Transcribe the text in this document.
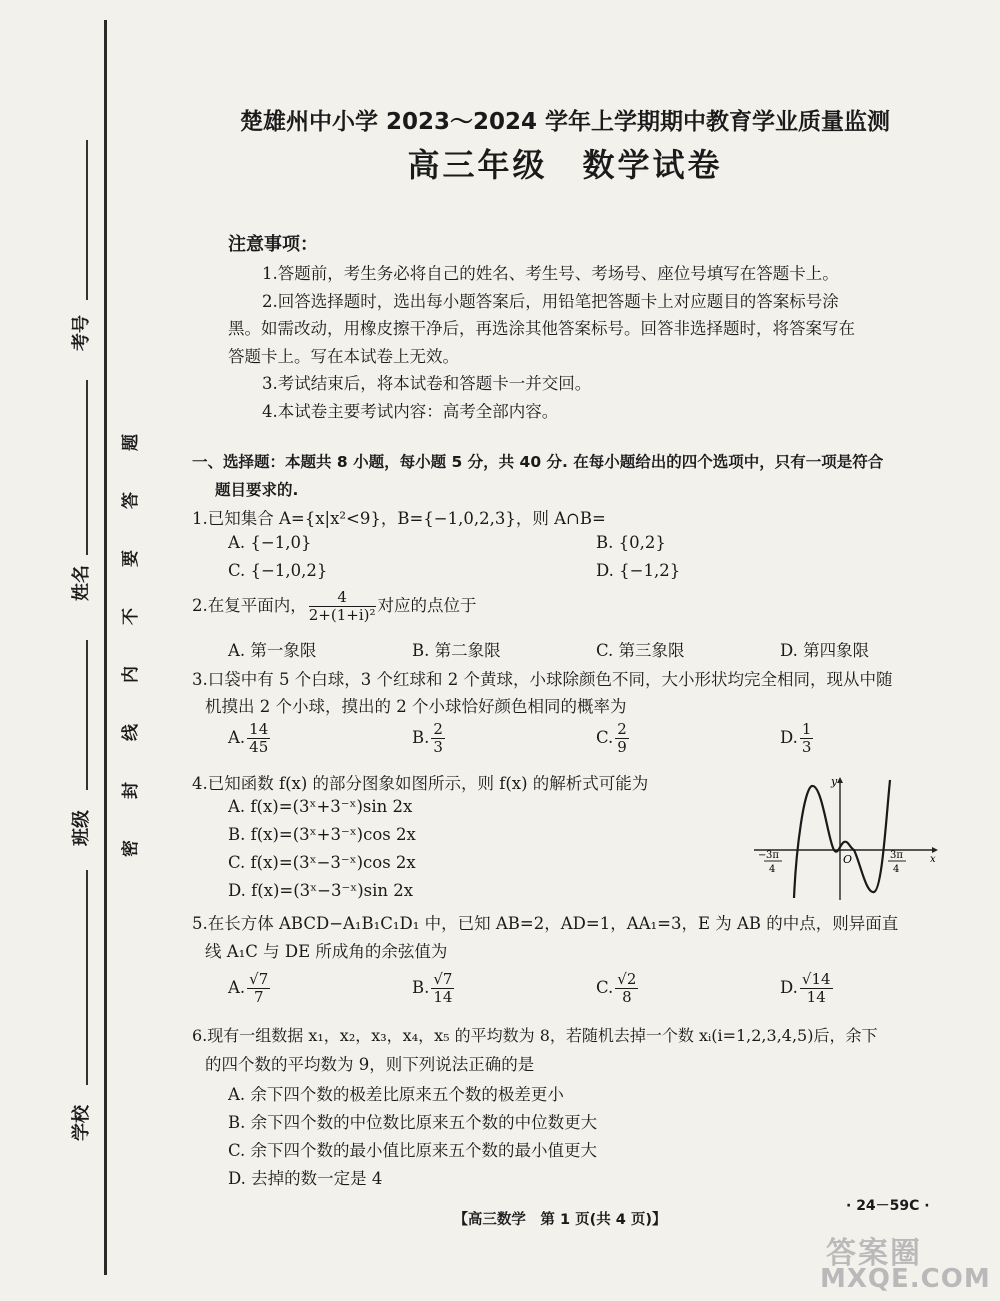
考号
姓名
班级
学校
题
答
要
不
内
线
封
密
楚雄州中小学 2023～2024 学年上学期期中教育学业质量监测
高三年级　数学试卷
注意事项：
1.答题前，考生务必将自己的姓名、考生号、考场号、座位号填写在答题卡上。
2.回答选择题时，选出每小题答案后，用铅笔把答题卡上对应题目的答案标号涂
黑。如需改动，用橡皮擦干净后，再选涂其他答案标号。回答非选择题时，将答案写在
答题卡上。写在本试卷上无效。
3.考试结束后，将本试卷和答题卡一并交回。
4.本试卷主要考试内容：高考全部内容。
一、选择题：本题共 8 小题，每小题 5 分，共 40 分. 在每小题给出的四个选项中，只有一项是符合
题目要求的.
1.已知集合 A={x|x²<9}，B={−1,0,2,3}，则 A∩B=
A. {−1,0}	B. {0,2}
C. {−1,0,2}	D. {−1,2}
2.在复平面内， $\frac{4}{\text{2+(1+i)²}}$ 对应的点位于
A. 第一象限	B. 第二象限	C. 第三象限	D. 第四象限
3.口袋中有 5 个白球，3 个红球和 2 个黄球，小球除颜色不同，大小形状均完全相同，现从中随
机摸出 2 个小球，摸出的 2 个小球恰好颜色相同的概率为
A. $\frac{14}{45}$	B. $\frac{2}{3}$	C. $\frac{2}{9}$	D. $\frac{1}{3}$
4.已知函数 f(x) 的部分图象如图所示，则 f(x) 的解析式可能为
A. f(x)=(3ˣ+3⁻ˣ)sin 2x
B. f(x)=(3ˣ+3⁻ˣ)cos 2x
C. f(x)=(3ˣ−3⁻ˣ)cos 2x
D. f(x)=(3ˣ−3⁻ˣ)sin 2x
y
x
O
− 3π
4
3π
4
5.在长方体 ABCD−A₁B₁C₁D₁ 中，已知 AB=2，AD=1，AA₁=3，E 为 AB 的中点，则异面直
线 A₁C 与 DE 所成角的余弦值为
A. $\frac{√7}{7}$	B. $\frac{√7}{14}$	C. $\frac{√2}{8}$	D. $\frac{√14}{14}$
6.现有一组数据 x₁，x₂，x₃，x₄，x₅ 的平均数为 8，若随机去掉一个数 xᵢ(i=1,2,3,4,5)后，余下
的四个数的平均数为 9，则下列说法正确的是
A. 余下四个数的极差比原来五个数的极差更小
B. 余下四个数的中位数比原来五个数的中位数更大
C. 余下四个数的最小值比原来五个数的最小值更大
D. 去掉的数一定是 4
· 24－59C ·
【高三数学　第 1 页(共 4 页)】
答案圈
MXQE.COM
